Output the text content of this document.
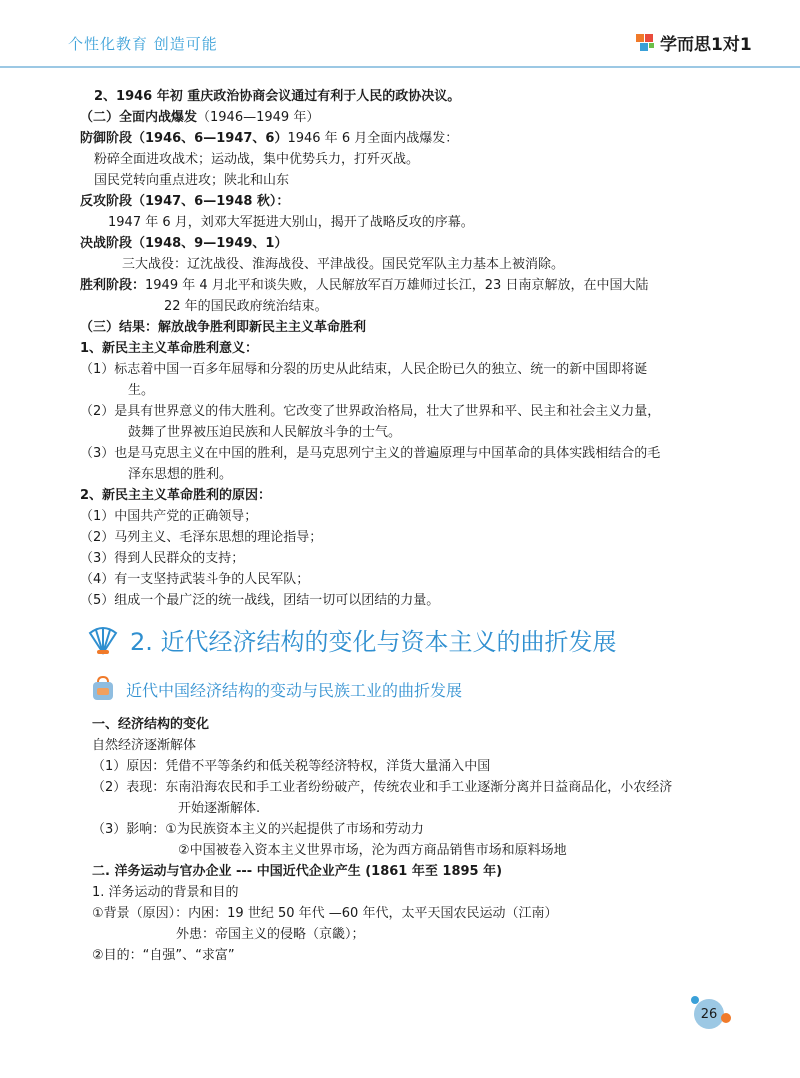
个性化教育 创造可能	学而思1对1
2、1946 年初 重庆政治协商会议通过有利于人民的政协决议。
（二）全面内战爆发（1946—1949 年）
防御阶段（1946、6—1947、6）1946 年 6 月全面内战爆发：
粉碎全面进攻战术；运动战，集中优势兵力，打歼灭战。
国民党转向重点进攻；陕北和山东
反攻阶段（1947、6—1948 秋）：
1947 年 6 月，刘邓大军挺进大别山，揭开了战略反攻的序幕。
决战阶段（1948、9—1949、1）
三大战役：辽沈战役、淮海战役、平津战役。国民党军队主力基本上被消除。
胜利阶段：1949 年 4 月北平和谈失败，人民解放军百万雄师过长江，23 日南京解放，在中国大陆
22 年的国民政府统治结束。
（三）结果：解放战争胜利即新民主主义革命胜利
1、新民主主义革命胜利意义：
（1）标志着中国一百多年屈辱和分裂的历史从此结束，人民企盼已久的独立、统一的新中国即将诞
生。
（2）是具有世界意义的伟大胜利。它改变了世界政治格局，壮大了世界和平、民主和社会主义力量，
鼓舞了世界被压迫民族和人民解放斗争的士气。
（3）也是马克思主义在中国的胜利，是马克思列宁主义的普遍原理与中国革命的具体实践相结合的毛
泽东思想的胜利。
2、新民主主义革命胜利的原因：
（1）中国共产党的正确领导；
（2）马列主义、毛泽东思想的理论指导；
（3）得到人民群众的支持；
（4）有一支坚持武装斗争的人民军队；
（5）组成一个最广泛的统一战线，团结一切可以团结的力量。
2. 近代经济结构的变化与资本主义的曲折发展
近代中国经济结构的变动与民族工业的曲折发展
一、经济结构的变化
自然经济逐渐解体
（1）原因：凭借不平等条约和低关税等经济特权，洋货大量涌入中国
（2）表现：东南沿海农民和手工业者纷纷破产，传统农业和手工业逐渐分离并日益商品化，小农经济
开始逐渐解体.
（3）影响：①为民族资本主义的兴起提供了市场和劳动力
②中国被卷入资本主义世界市场，沦为西方商品销售市场和原料场地
二. 洋务运动与官办企业 --- 中国近代企业产生 (1861 年至 1895 年)
1. 洋务运动的背景和目的
①背景（原因）：内困：19 世纪 50 年代 —60 年代，太平天国农民运动（江南）
外患：帝国主义的侵略（京畿）；
②目的：“自强”、“求富”
26
